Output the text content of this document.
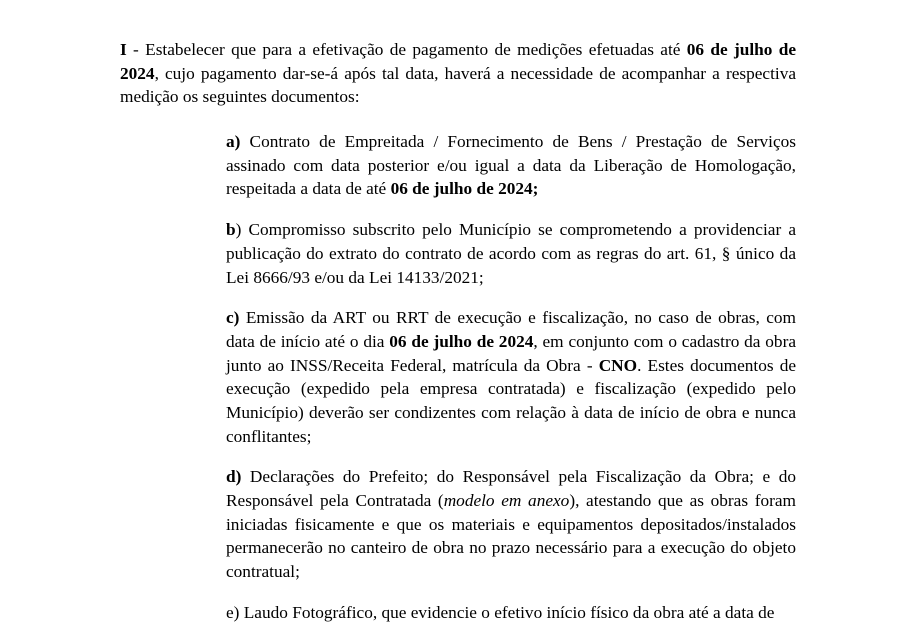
I - Estabelecer que para a efetivação de pagamento de medições efetuadas até 06 de julho de 2024, cujo pagamento dar-se-á após tal data, haverá a necessidade de acompanhar a respectiva medição os seguintes documentos:
a) Contrato de Empreitada / Fornecimento de Bens / Prestação de Serviços assinado com data posterior e/ou igual a data da Liberação de Homologação, respeitada a data de até 06 de julho de 2024;
b) Compromisso subscrito pelo Município se comprometendo a providenciar a publicação do extrato do contrato de acordo com as regras do art. 61, § único da Lei 8666/93 e/ou da Lei 14133/2021;
c) Emissão da ART ou RRT de execução e fiscalização, no caso de obras, com data de início até o dia 06 de julho de 2024, em conjunto com o cadastro da obra junto ao INSS/Receita Federal, matrícula da Obra - CNO. Estes documentos de execução (expedido pela empresa contratada) e fiscalização (expedido pelo Município) deverão ser condizentes com relação à data de início de obra e nunca conflitantes;
d) Declarações do Prefeito; do Responsável pela Fiscalização da Obra; e do Responsável pela Contratada (modelo em anexo), atestando que as obras foram iniciadas fisicamente e que os materiais e equipamentos depositados/instalados permanecerão no canteiro de obra no prazo necessário para a execução do objeto contratual;
e) Laudo Fotográfico, que evidencie o efetivo início físico da obra até a data de
